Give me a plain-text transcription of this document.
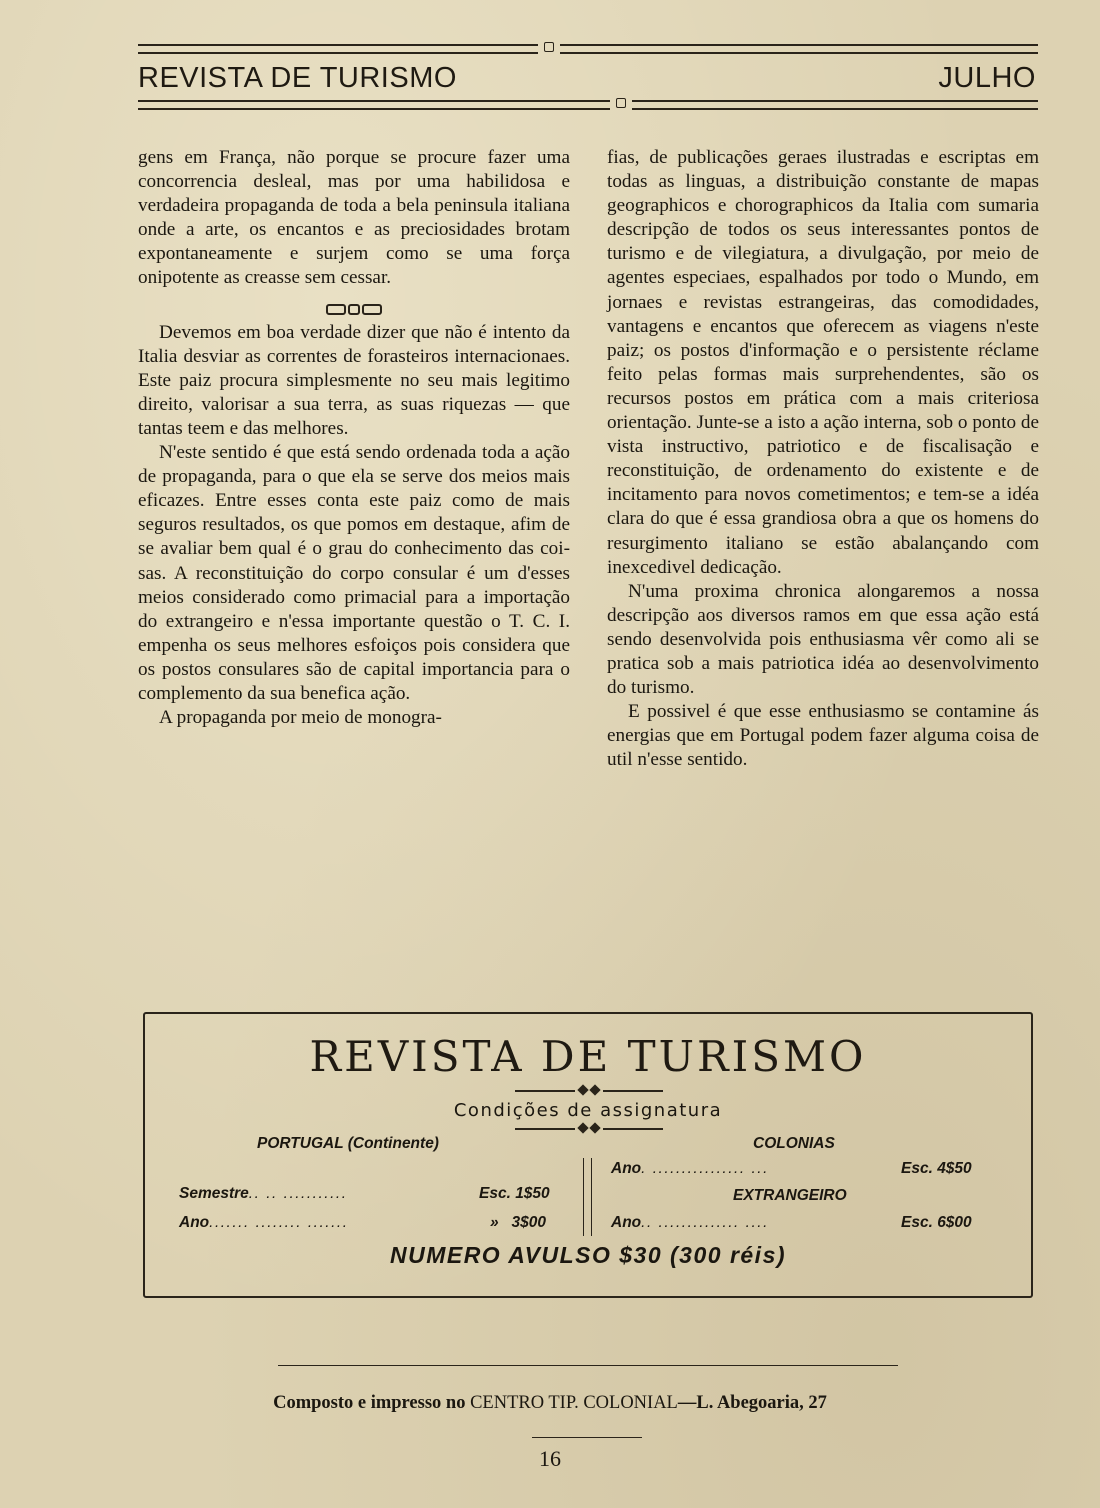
REVISTA DE TURISMO	JULHO

gens em França, não porque se procure fazer uma concorrencia desleal, mas por uma habilidosa e verdadeira propaganda de toda a bela peninsula italiana onde a arte, os encantos e as preciosidades brotam expontaneamente e surjem como se uma força onipotente as creasse sem cessar.

Devemos em boa verdade dizer que não é intento da Italia desviar as correntes de forasteiros internacionaes. Este paiz procura simplesmente no seu mais legitimo direito, valorisar a sua terra, as suas riquezas — que tantas teem e das melhores.

N'este sentido é que está sendo ordenada toda a ação de propaganda, para o que ela se serve dos meios mais eficazes. Entre esses conta este paiz como de mais seguros resultados, os que pomos em destaque, afim de se avaliar bem qual é o grau do conhecimento das coisas. A reconstituição do corpo consular é um d'esses meios considerado como primacial para a importação do extrangeiro e n'essa importante questão o T. C. I. empenha os seus melhores esfoiços pois considera que os postos consulares são de capital importancia para o complemento da sua benefica ação.

A propaganda por meio de monogra-

fias, de publicações geraes ilustradas e escriptas em todas as linguas, a distribuição constante de mapas geographicos e chorographicos da Italia com sumaria descripção de todos os seus interessantes pontos de turismo e de vilegiatura, a divulgação, por meio de agentes especiaes, espalhados por todo o Mundo, em jornaes e revistas estrangeiras, das comodidades, vantagens e encantos que oferecem as viagens n'este paiz; os postos d'informação e o persistente réclame feito pelas formas mais surprehendentes, são os recursos postos em prática com a mais criteriosa orientação. Junte-se a isto a ação interna, sob o ponto de vista instructivo, patriotico e de fiscalisação e reconstituição, de ordenamento do existente e de incitamento para novos cometimentos; e tem-se a idéa clara do que é essa grandiosa obra a que os homens do resurgimento italiano se estão abalançando com inexcedivel dedicação.

N'uma proxima chronica alongaremos a nossa descripção aos diversos ramos em que essa ação está sendo desenvolvida pois enthusiasma vêr como ali se pratica sob a mais patriotica idéa ao desenvolvimento do turismo.

E possivel é que esse enthusiasmo se contamine ás energias que em Portugal podem fazer alguma coisa de util n'esse sentido.

REVISTA DE TURISMO
Condições de assignatura
PORTUGAL (Continente)
Semestre.. .. ...........	Esc. 1$50
Ano....... ........ .......	» 3$00
COLONIAS
Ano. ................ ...	Esc. 4$50
EXTRANGEIRO
Ano.. .............. ....	Esc. 6$00
NUMERO AVULSO $30 (300 réis)
Composto e impresso no CENTRO TIP. COLONIAL—L. Abegoaria, 27
16
